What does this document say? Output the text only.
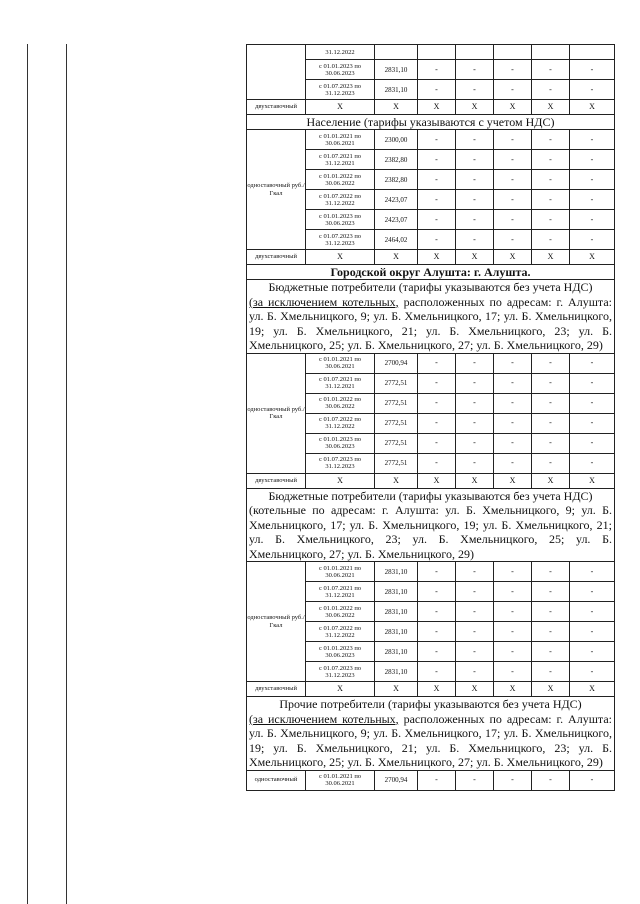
	31.12.2022						
	с 01.01.2023 по 30.06.2023	2831,10	-	-	-	-	-
	с 01.07.2023 по 31.12.2023	2831,10	-	-	-	-	-
двухставочный	Х	Х	Х	Х	Х	Х	Х
Население (тарифы указываются с учетом НДС)							
одноставочный руб./Гкал	с 01.01.2021 по 30.06.2021	2300,00	-	-	-	-	-
	с 01.07.2021 по 31.12.2021	2382,80	-	-	-	-	-
	с 01.01.2022 по 30.06.2022	2382,80	-	-	-	-	-
	с 01.07.2022 по 31.12.2022	2423,07	-	-	-	-	-
	с 01.01.2023 по 30.06.2023	2423,07	-	-	-	-	-
	с 01.07.2023 по 31.12.2023	2464,02	-	-	-	-	-
двухставочный	Х	Х	Х	Х	Х	Х	Х
Городской округ Алушта: г. Алушта.							

Бюджетные потребители (тарифы указываются без учета НДС)
(за исключением котельных, расположенных по адресам: г. Алушта: ул. Б. Хмельницкого, 9; ул. Б. Хмельницкого, 17; ул. Б. Хмельницкого, 19; ул. Б. Хмельницкого, 21; ул. Б. Хмельницкого, 23; ул. Б. Хмельницкого, 25; ул. Б. Хмельницкого, 27; ул. Б. Хмельницкого, 29)							
одноставочный руб./Гкал	с 01.01.2021 по 30.06.2021	2700,94	-	-	-	-	-
	с 01.07.2021 по 31.12.2021	2772,51	-	-	-	-	-
	с 01.01.2022 по 30.06.2022	2772,51	-	-	-	-	-
	с 01.07.2022 по 31.12.2022	2772,51	-	-	-	-	-
	с 01.01.2023 по 30.06.2023	2772,51	-	-	-	-	-
	с 01.07.2023 по 31.12.2023	2772,51	-	-	-	-	-
двухставочный	Х	Х	Х	Х	Х	Х	Х

Бюджетные потребители (тарифы указываются без учета НДС)
(котельные по адресам: г. Алушта: ул. Б. Хмельницкого, 9; ул. Б. Хмельницкого, 17; ул. Б. Хмельницкого, 19; ул. Б. Хмельницкого, 21; ул. Б. Хмельницкого, 23; ул. Б. Хмельницкого, 25; ул. Б. Хмельницкого, 27; ул. Б. Хмельницкого, 29)							
одноставочный руб./Гкал	с 01.01.2021 по 30.06.2021	2831,10	-	-	-	-	-
	с 01.07.2021 по 31.12.2021	2831,10	-	-	-	-	-
	с 01.01.2022 по 30.06.2022	2831,10	-	-	-	-	-
	с 01.07.2022 по 31.12.2022	2831,10	-	-	-	-	-
	с 01.01.2023 по 30.06.2023	2831,10	-	-	-	-	-
	с 01.07.2023 по 31.12.2023	2831,10	-	-	-	-	-
двухставочный	Х	Х	Х	Х	Х	Х	Х

Прочие потребители (тарифы указываются без учета НДС)
(за исключением котельных, расположенных по адресам: г. Алушта: ул. Б. Хмельницкого, 9; ул. Б. Хмельницкого, 17; ул. Б. Хмельницкого, 19; ул. Б. Хмельницкого, 21; ул. Б. Хмельницкого, 23; ул. Б. Хмельницкого, 25; ул. Б. Хмельницкого, 27; ул. Б. Хмельницкого, 29)							
одноставочный	с 01.01.2021 по 30.06.2021	2700,94	-	-	-	-	-
